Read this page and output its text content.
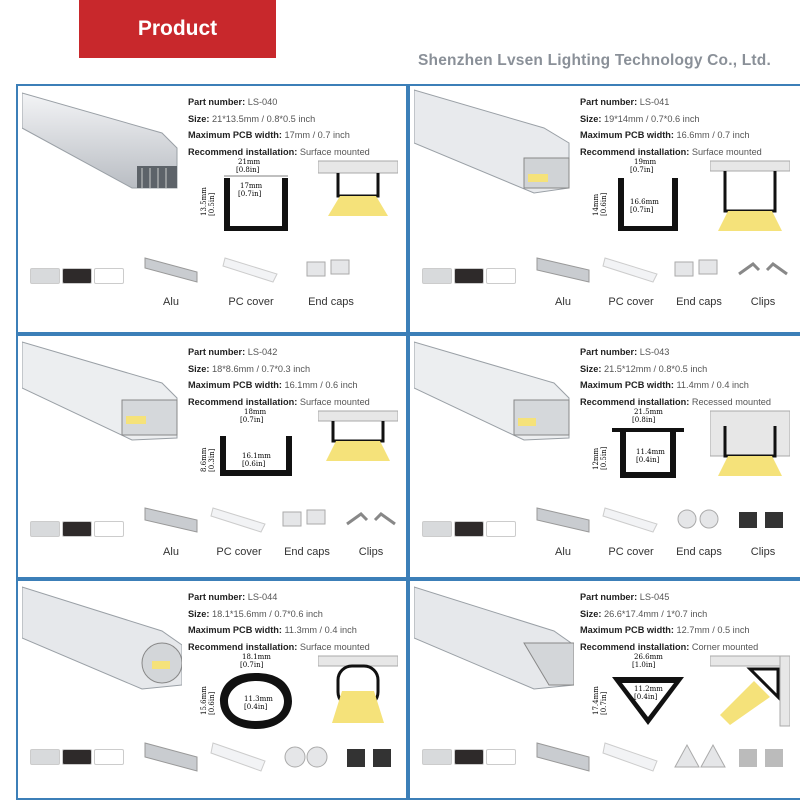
Product
Shenzhen Lvsen Lighting Technology Co., Ltd.
Part number: LS-040
Size: 21*13.5mm / 0.8*0.5 inch
Maximum PCB width: 17mm / 0.7 inch
Recommend installation: Surface mounted
21mm
[0.8in]
17mm
[0.7in]
13.5mm [0.5in]
Alu	PC cover	End caps
Part number: LS-041
Size: 19*14mm / 0.7*0.6 inch
Maximum PCB width: 16.6mm / 0.7 inch
Recommend installation: Surface mounted
19mm
[0.7in]
16.6mm
[0.7in]
14mm [0.6in]
Alu	PC cover	End caps	Clips
Part number: LS-042
Size: 18*8.6mm / 0.7*0.3 inch
Maximum PCB width: 16.1mm / 0.6 inch
Recommend installation: Surface mounted
18mm
[0.7in]
16.1mm
[0.6in]
8.6mm [0.3in]
Alu	PC cover	End caps	Clips
Part number: LS-043
Size: 21.5*12mm / 0.8*0.5 inch
Maximum PCB width: 11.4mm / 0.4 inch
Recommend installation: Recessed mounted
21.5mm
[0.8in]
11.4mm
[0.4in]
12mm [0.5in]
Alu	PC cover	End caps	Clips
Part number: LS-044
Size: 18.1*15.6mm / 0.7*0.6 inch
Maximum PCB width: 11.3mm / 0.4 inch
Recommend installation: Surface mounted
18.1mm
[0.7in]
11.3mm
[0.4in]
15.6mm [0.6in]
Part number: LS-045
Size: 26.6*17.4mm / 1*0.7 inch
Maximum PCB width: 12.7mm / 0.5 inch
Recommend installation: Corner mounted
26.6mm
[1.0in]
11.2mm
[0.4in]
17.4mm [0.7in]
